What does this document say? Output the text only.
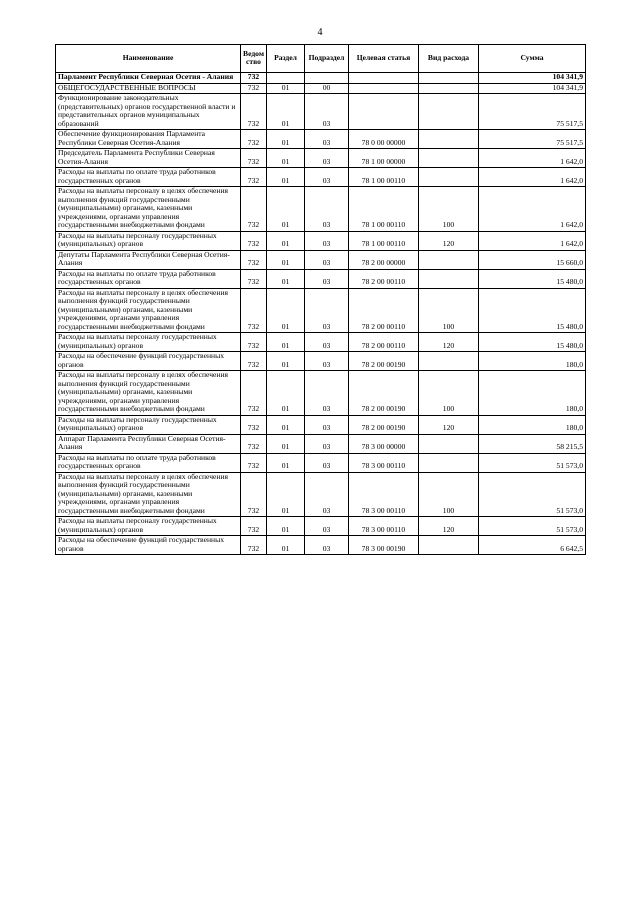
4
Наименование	Ведомство	Раздел	Подраздел	Целевая статья	Вид расхода	Сумма
Парламент Республики Северная Осетия - Алания	732					104 341,9
ОБЩЕГОСУДАРСТВЕННЫЕ ВОПРОСЫ	732	01	00			104 341,9
Функционирование законодательных (представительных) органов государственной власти и представительных органов муниципальных образований	732	01	03			75 517,5
Обеспечение функционирования Парламента Республики Северная Осетия-Алания	732	01	03	78 0 00 00000		75 517,5
Председатель Парламента Республики Северная Осетия-Алания	732	01	03	78 1 00 00000		1 642,0
Расходы на выплаты по оплате труда работников государственных органов	732	01	03	78 1 00 00110		1 642,0
Расходы на выплаты персоналу в целях обеспечения выполнения функций государственными (муниципальными) органами, казенными учреждениями, органами управления государственными внебюджетными фондами	732	01	03	78 1 00 00110	100	1 642,0
Расходы на выплаты персоналу государственных (муниципальных) органов	732	01	03	78 1 00 00110	120	1 642,0
Депутаты Парламента Республики Северная Осетия-Алания	732	01	03	78 2 00 00000		15 660,0
Расходы на выплаты по оплате труда работников государственных органов	732	01	03	78 2 00 00110		15 480,0
Расходы на выплаты персоналу в целях обеспечения выполнения функций государственными (муниципальными) органами, казенными учреждениями, органами управления государственными внебюджетными фондами	732	01	03	78 2 00 00110	100	15 480,0
Расходы на выплаты персоналу государственных (муниципальных) органов	732	01	03	78 2 00 00110	120	15 480,0
Расходы на обеспечение функций государственных органов	732	01	03	78 2 00 00190		180,0
Расходы на выплаты персоналу в целях обеспечения выполнения функций государственными (муниципальными) органами, казенными учреждениями, органами управления государственными внебюджетными фондами	732	01	03	78 2 00 00190	100	180,0
Расходы на выплаты персоналу государственных (муниципальных) органов	732	01	03	78 2 00 00190	120	180,0
Аппарат Парламента Республики Северная Осетия-Алания	732	01	03	78 3 00 00000		58 215,5
Расходы на выплаты по оплате труда работников государственных органов	732	01	03	78 3 00 00110		51 573,0
Расходы на выплаты персоналу в целях обеспечения выполнения функций государственными (муниципальными) органами, казенными учреждениями, органами управления государственными внебюджетными фондами	732	01	03	78 3 00 00110	100	51 573,0
Расходы на выплаты персоналу государственных (муниципальных) органов	732	01	03	78 3 00 00110	120	51 573,0
Расходы на обеспечение функций государственных органов	732	01	03	78 3 00 00190		6 642,5
